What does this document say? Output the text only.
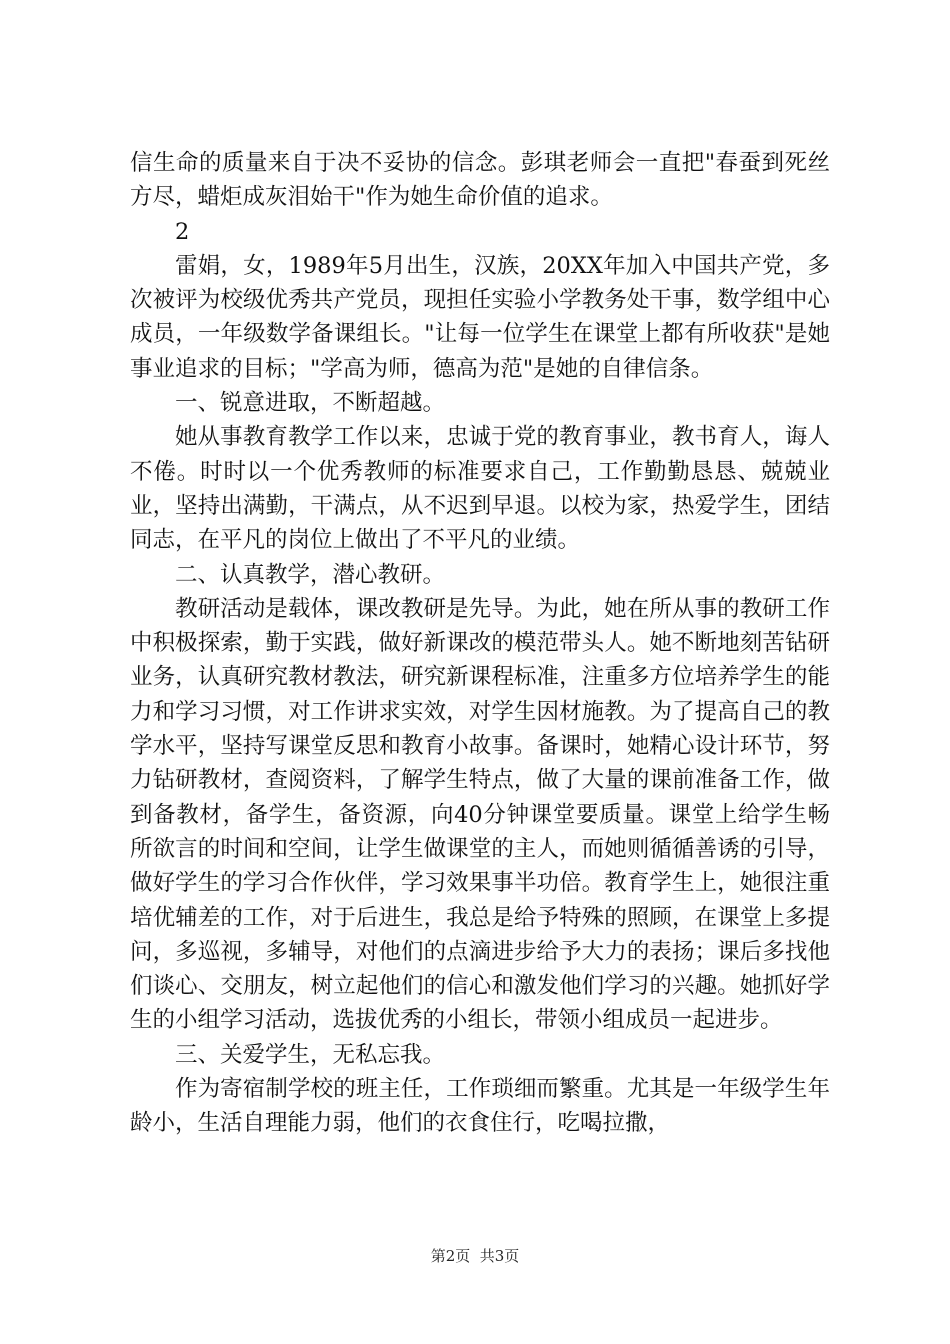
信生命的质量来自于决不妥协的信念。彭琪老师会一直把"春蚕到死丝方尽，蜡炬成灰泪始干"作为她生命价值的追求。

2

雷娟，女，1989年5月出生，汉族，20XX年加入中国共产党，多次被评为校级优秀共产党员，现担任实验小学教务处干事，数学组中心成员，一年级数学备课组长。"让每一位学生在课堂上都有所收获"是她事业追求的目标；"学高为师，德高为范"是她的自律信条。

一、锐意进取，不断超越。

她从事教育教学工作以来，忠诚于党的教育事业，教书育人，诲人不倦。时时以一个优秀教师的标准要求自己，工作勤勤恳恳、兢兢业业，坚持出满勤，干满点，从不迟到早退。以校为家，热爱学生，团结同志，在平凡的岗位上做出了不平凡的业绩。

二、认真教学，潜心教研。

教研活动是载体，课改教研是先导。为此，她在所从事的教研工作中积极探索，勤于实践，做好新课改的模范带头人。她不断地刻苦钻研业务，认真研究教材教法，研究新课程标准，注重多方位培养学生的能力和学习习惯，对工作讲求实效，对学生因材施教。为了提高自己的教学水平，坚持写课堂反思和教育小故事。备课时，她精心设计环节，努力钻研教材，查阅资料，了解学生特点，做了大量的课前准备工作，做到备教材，备学生，备资源，向40分钟课堂要质量。课堂上给学生畅所欲言的时间和空间，让学生做课堂的主人，而她则循循善诱的引导，做好学生的学习合作伙伴，学习效果事半功倍。教育学生上，她很注重培优辅差的工作，对于后进生，我总是给予特殊的照顾，在课堂上多提问，多巡视，多辅导，对他们的点滴进步给予大力的表扬；课后多找他们谈心、交朋友，树立起他们的信心和激发他们学习的兴趣。她抓好学生的小组学习活动，选拔优秀的小组长，带领小组成员一起进步。

三、关爱学生，无私忘我。

作为寄宿制学校的班主任，工作琐细而繁重。尤其是一年级学生年龄小，生活自理能力弱，他们的衣食住行，吃喝拉撒，

第2页  共3页
